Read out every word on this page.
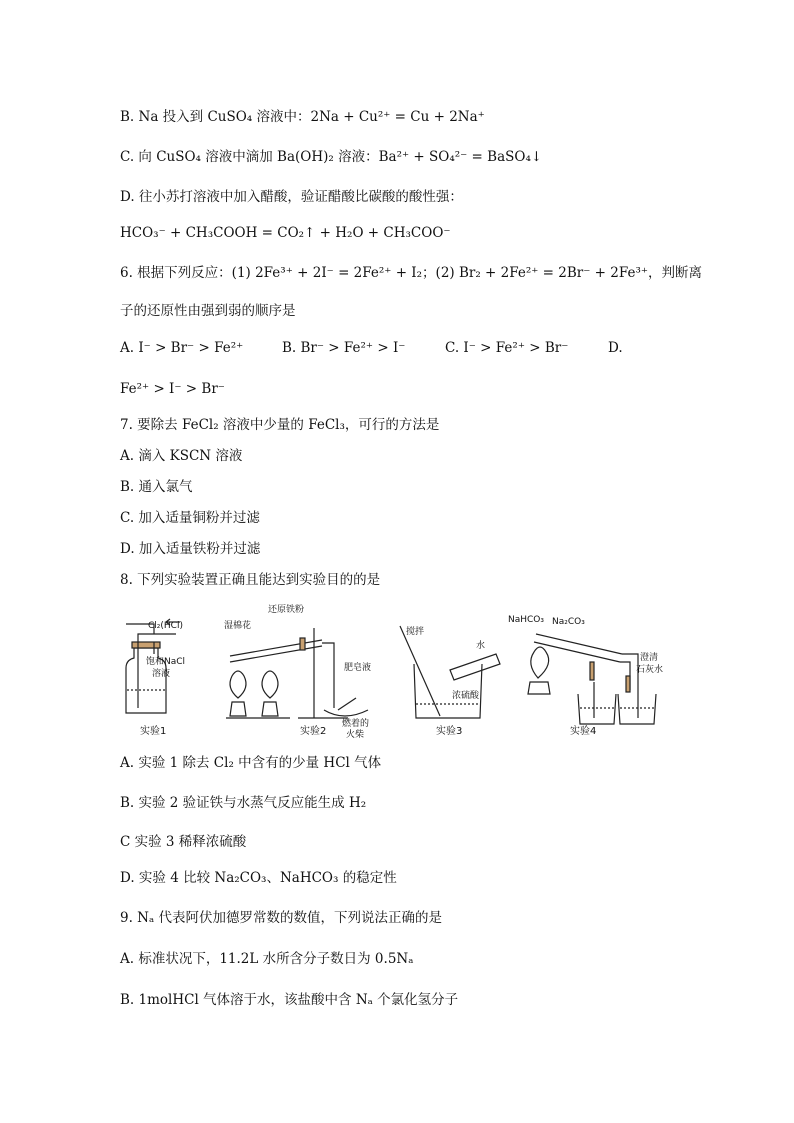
B. Na 投入到 CuSO₄ 溶液中：2Na + Cu²⁺ = Cu + 2Na⁺
C. 向 CuSO₄ 溶液中滴加 Ba(OH)₂ 溶液：Ba²⁺ + SO₄²⁻ = BaSO₄↓
D. 往小苏打溶液中加入醋酸，验证醋酸比碳酸的酸性强：
HCO₃⁻ + CH₃COOH = CO₂↑ + H₂O + CH₃COO⁻
6. 根据下列反应：(1) 2Fe³⁺ + 2I⁻ = 2Fe²⁺ + I₂；(2) Br₂ + 2Fe²⁺ = 2Br⁻ + 2Fe³⁺，判断离
子的还原性由强到弱的顺序是
A. I⁻ > Br⁻ > Fe²⁺	B. Br⁻ > Fe²⁺ > I⁻	C. I⁻ > Fe²⁺ > Br⁻	D.
Fe²⁺ > I⁻ > Br⁻
7. 要除去 FeCl₂ 溶液中少量的 FeCl₃，可行的方法是
A. 滴入 KSCN 溶液
B. 通入氯气
C. 加入适量铜粉并过滤
D. 加入适量铁粉并过滤
8. 下列实验装置正确且能达到实验目的的是
Cl₂(HCl)
饱和NaCl
溶液
实验1
湿棉花
还原铁粉
肥皂液
燃着的
火柴
实验2
搅拌
水
浓硫酸
实验3
NaHCO₃ Na₂CO₃
澄清
石灰水
实验4
A. 实验 1 除去 Cl₂ 中含有的少量 HCl 气体
B. 实验 2 验证铁与水蒸气反应能生成 H₂
C 实验 3 稀释浓硫酸
D. 实验 4 比较 Na₂CO₃、NaHCO₃ 的稳定性
9. Nₐ 代表阿伏加德罗常数的数值，下列说法正确的是
A. 标准状况下，11.2L 水所含分子数日为 0.5Nₐ
B. 1molHCl 气体溶于水，该盐酸中含 Nₐ 个氯化氢分子
